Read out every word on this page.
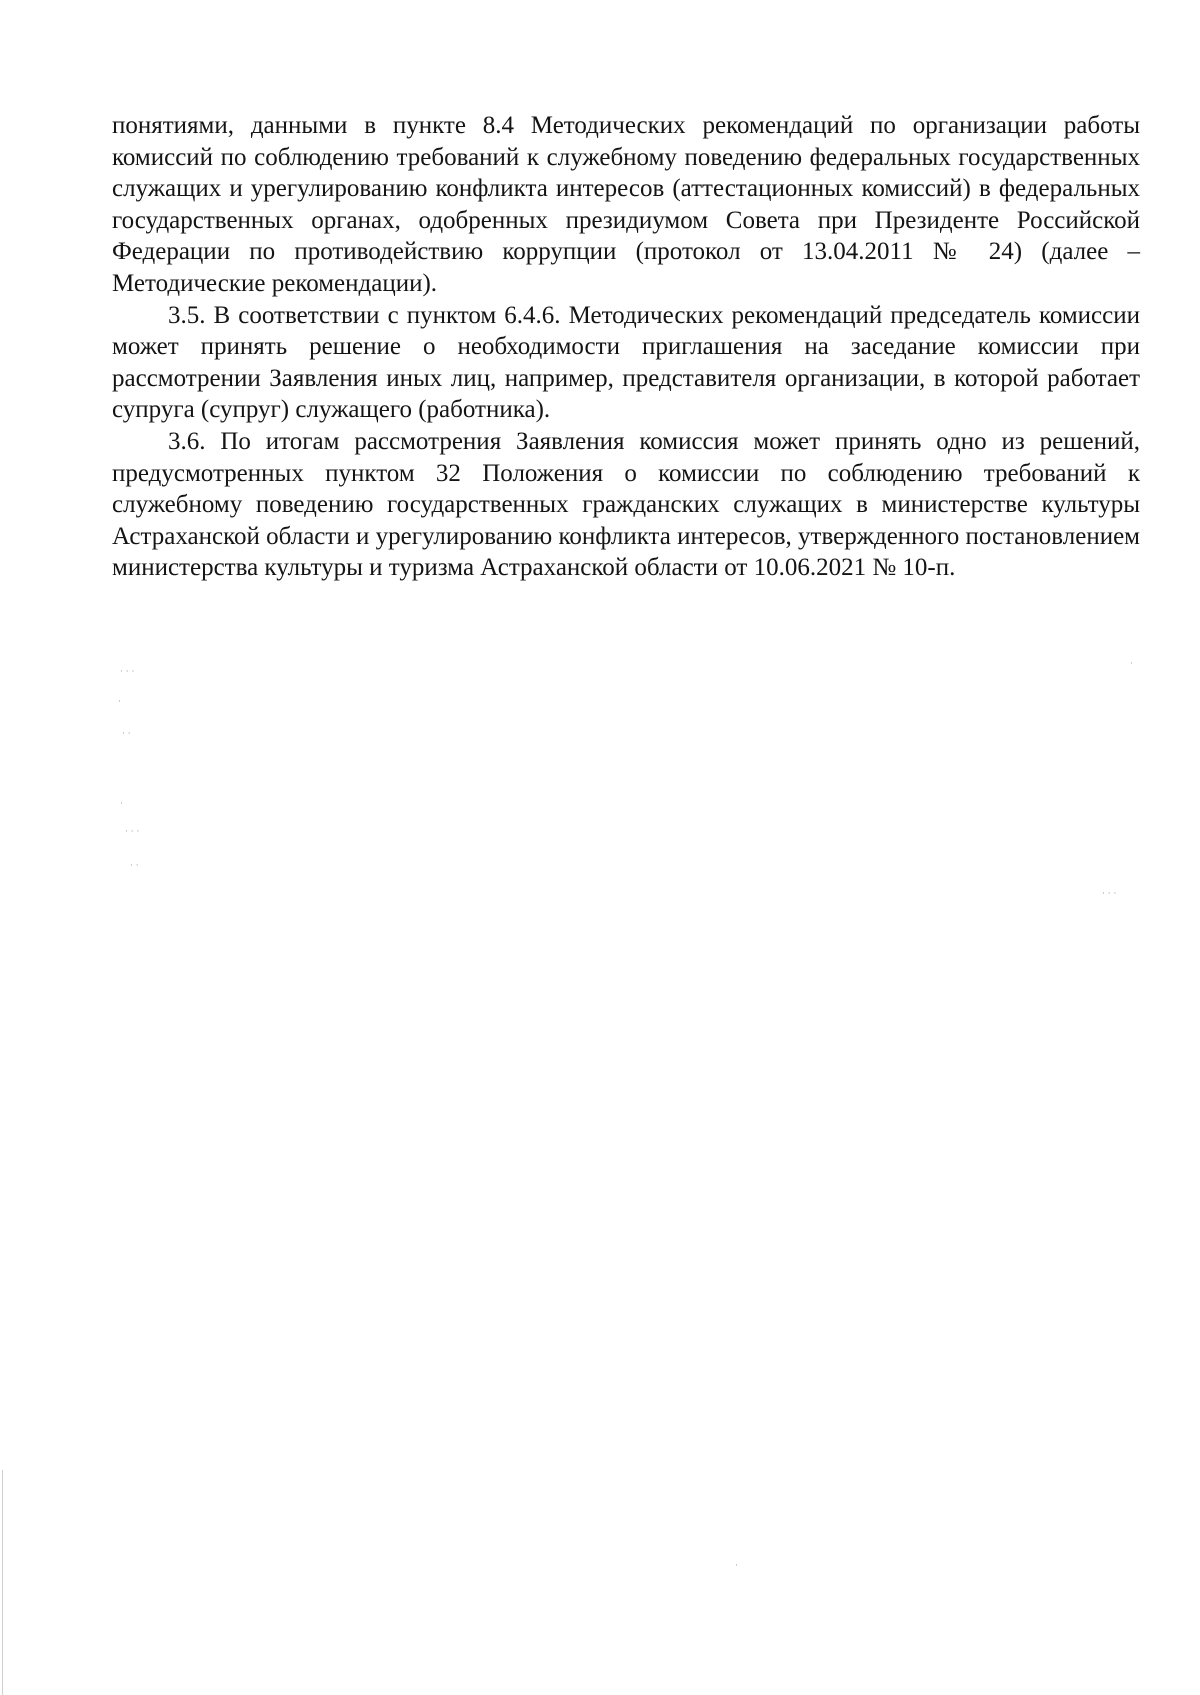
понятиями, данными в пункте 8.4 Методических рекомендаций по организации работы комиссий по соблюдению требований к служебному поведению федеральных государственных служащих и урегулированию конфликта интересов (аттестационных комиссий) в федеральных государственных органах, одобренных президиумом Совета при Президенте Российской Федерации по противодействию коррупции (протокол от 13.04.2011 № 24) (далее – Методические рекомендации).

3.5. В соответствии с пунктом 6.4.6. Методических рекомендаций председатель комиссии может принять решение о необходимости приглашения на заседание комиссии при рассмотрении Заявления иных лиц, например, представителя организации, в которой работает супруга (супруг) служащего (работника).

3.6. По итогам рассмотрения Заявления комиссия может принять одно из решений, предусмотренных пунктом 32 Положения о комиссии по соблюдению требований к служебному поведению государственных гражданских служащих в министерстве культуры Астраханской области и урегулированию конфликта интересов, утвержденного постановлением министерства культуры и туризма Астраханской области от 10.06.2021 № 10-п.

· · ·
·
· ·
·
· · ·
· ·
·
· · ·
·
